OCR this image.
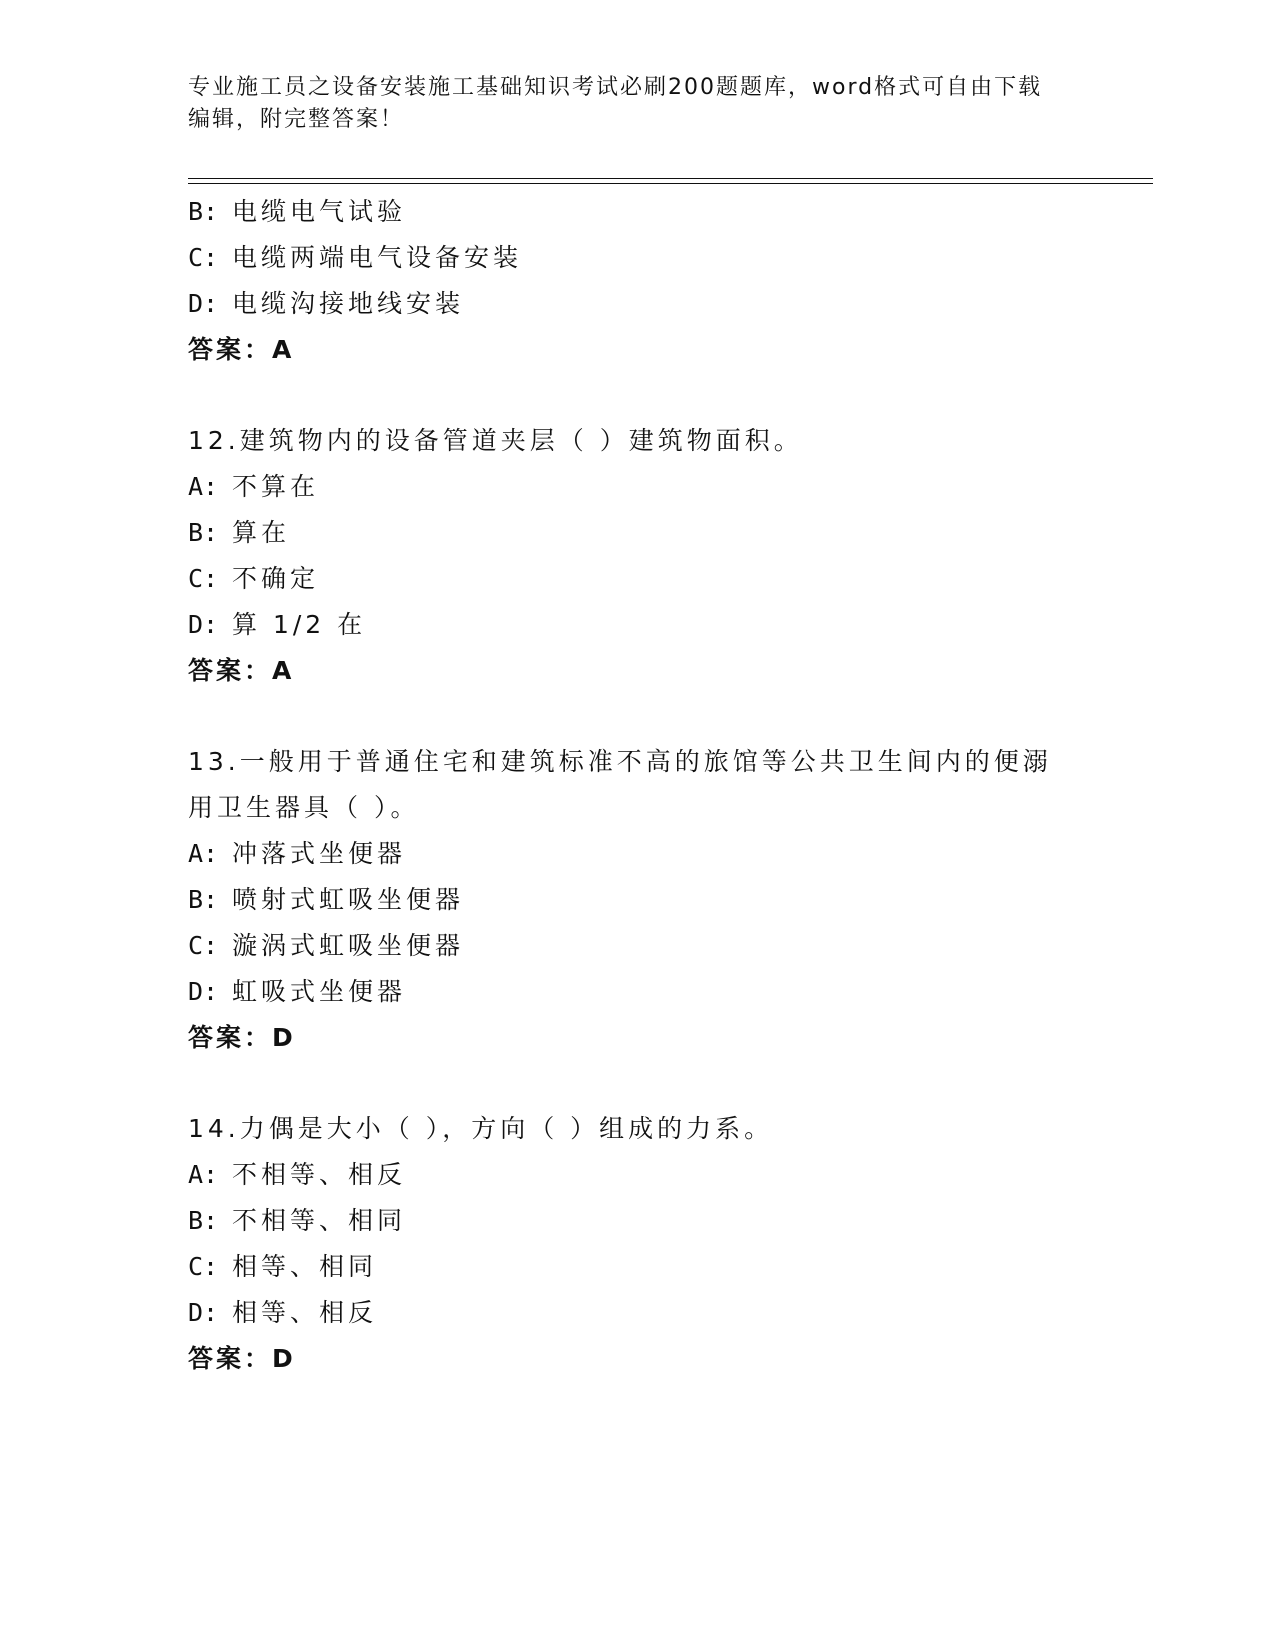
专业施工员之设备安装施工基础知识考试必刷200题题库，word格式可自由下载
编辑，附完整答案！
B: 电缆电气试验
C: 电缆两端电气设备安装
D: 电缆沟接地线安装
答案：A
12.建筑物内的设备管道夹层（ ）建筑物面积。
A: 不算在
B: 算在
C: 不确定
D: 算 1/2 在
答案：A
13.一般用于普通住宅和建筑标准不高的旅馆等公共卫生间内的便溺用卫生器具（ ）。
A: 冲落式坐便器
B: 喷射式虹吸坐便器
C: 漩涡式虹吸坐便器
D: 虹吸式坐便器
答案：D
14.力偶是大小（ ），方向（ ）组成的力系。
A: 不相等、相反
B: 不相等、相同
C: 相等、相同
D: 相等、相反
答案：D
